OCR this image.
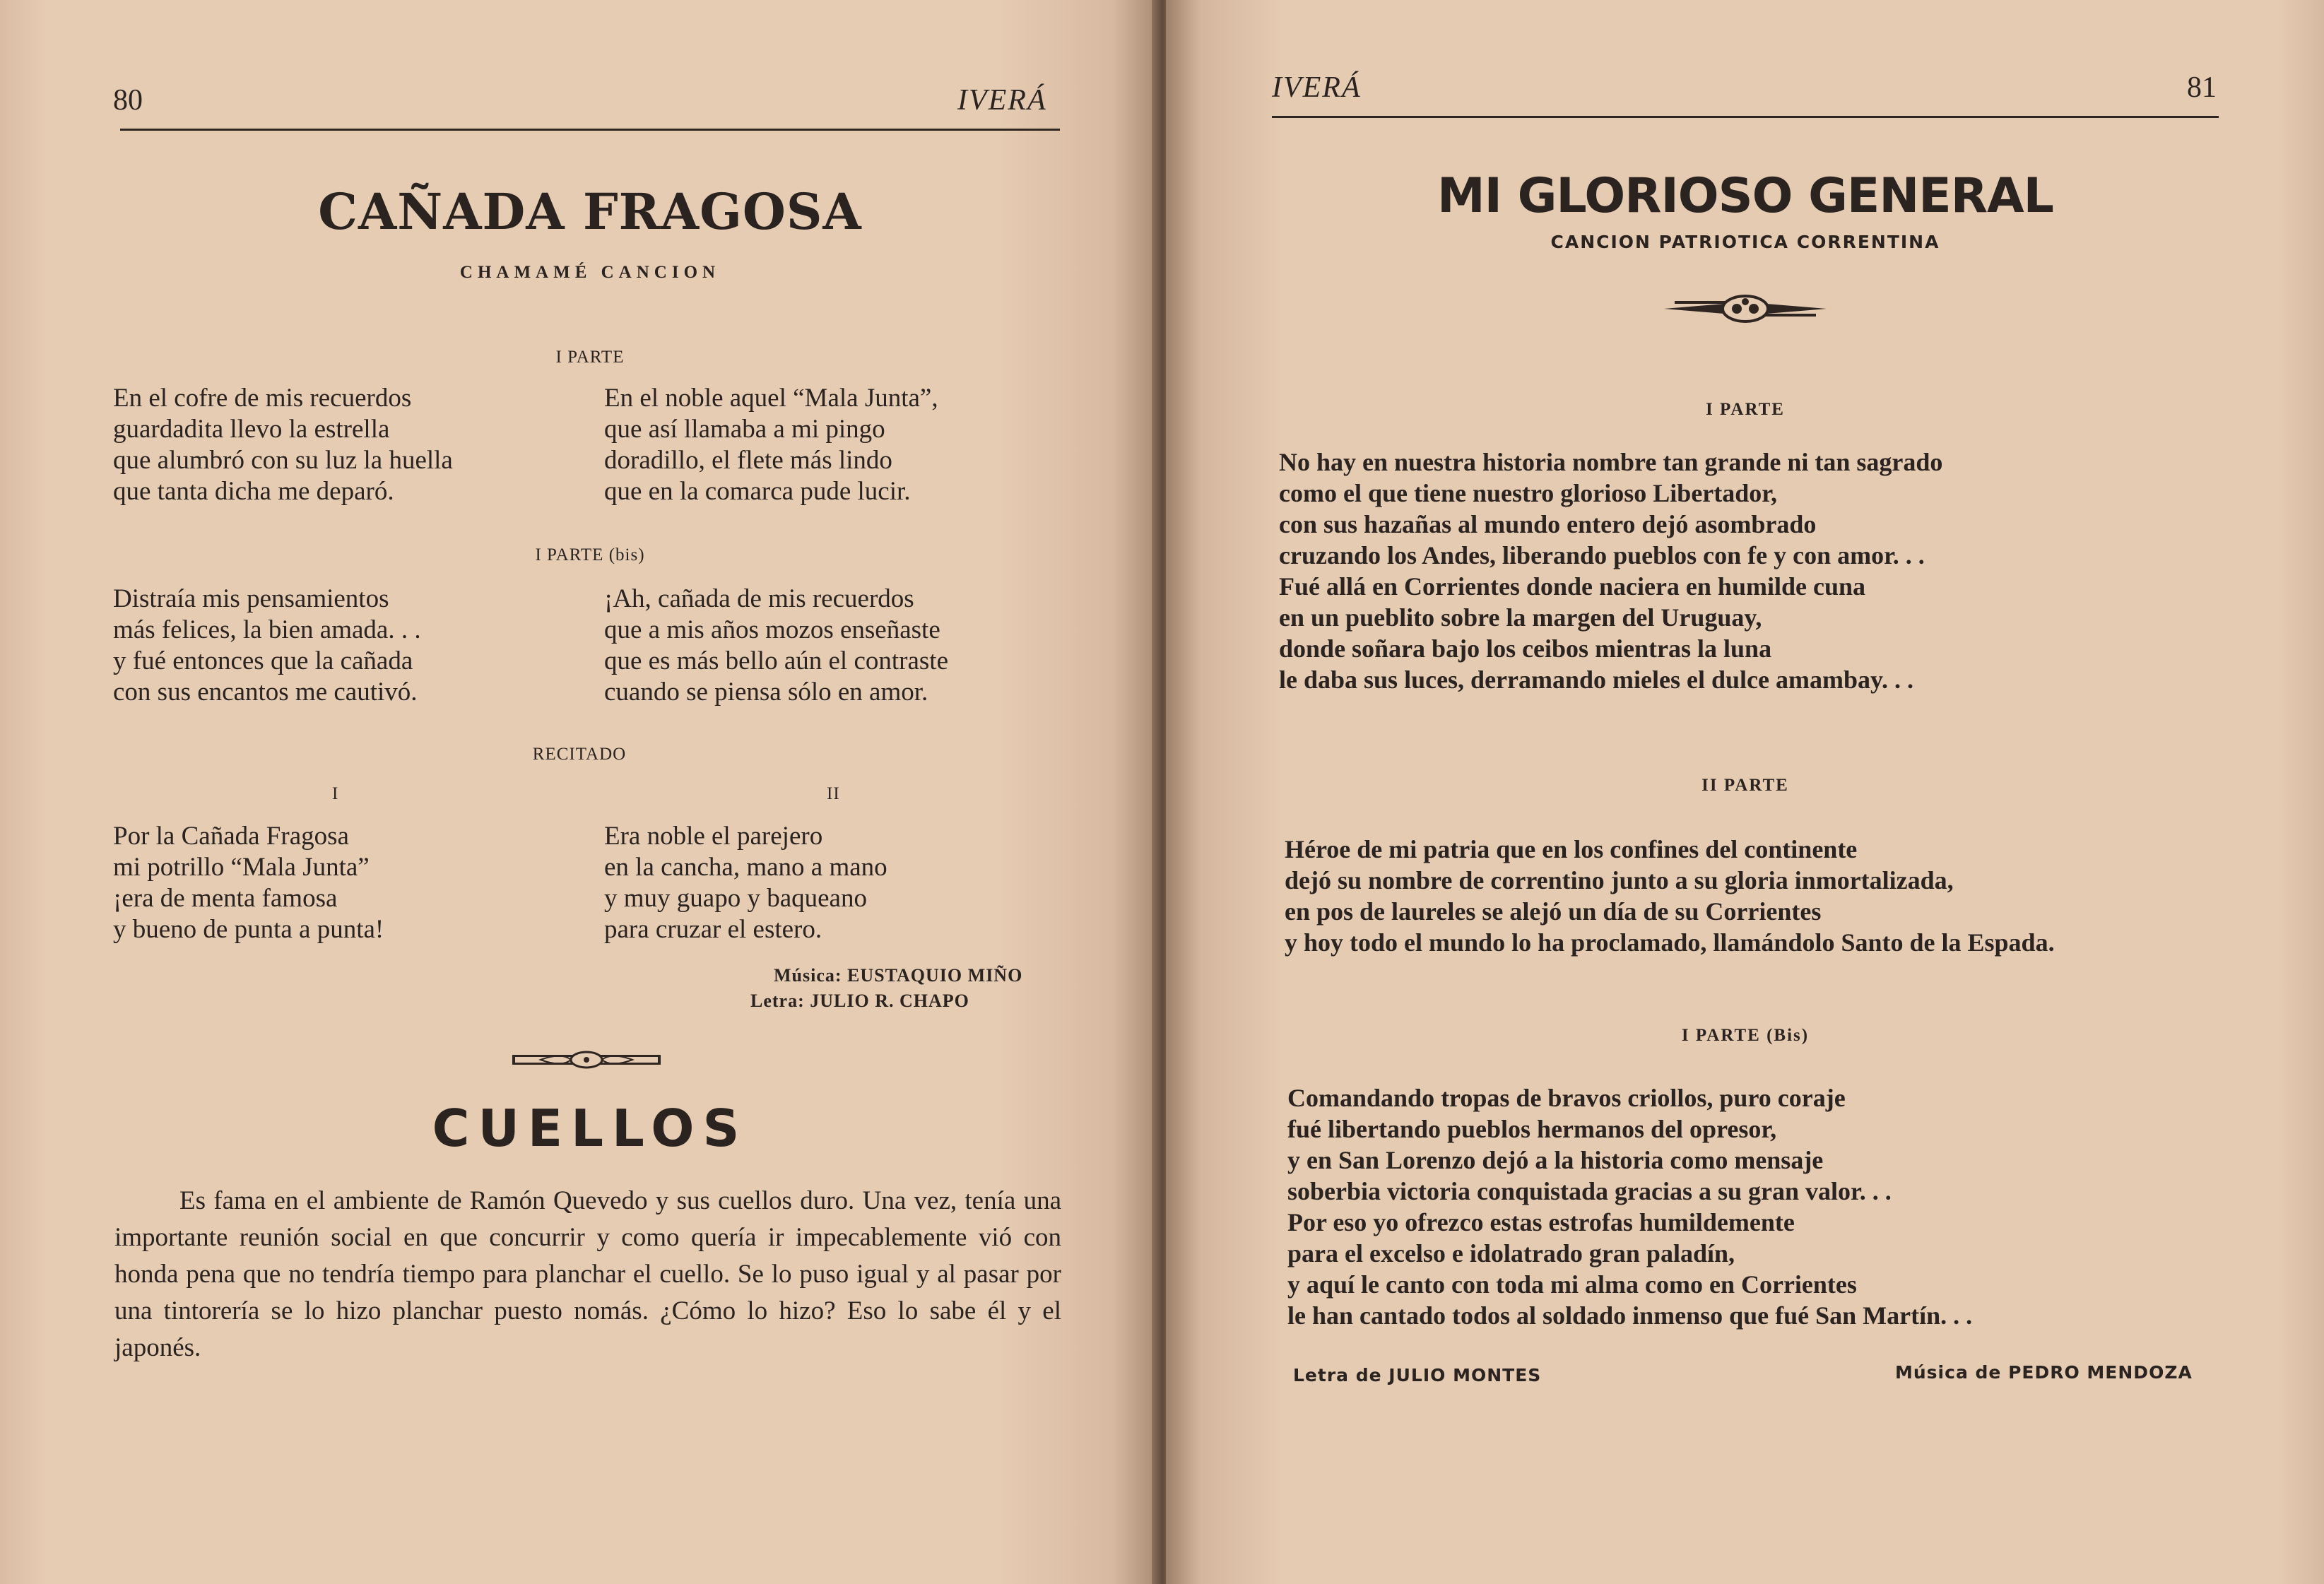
80	IVERÁ
CAÑADA FRAGOSA
CHAMAMÉ CANCION
I PARTE
En el cofre de mis recuerdos
guardadita llevo la estrella
que alumbró con su luz la huella
que tanta dicha me deparó.
En el noble aquel “Mala Junta”,
que así llamaba a mi pingo
doradillo, el flete más lindo
que en la comarca pude lucir.
I PARTE (bis)
Distraía mis pensamientos
más felices, la bien amada. . .
y fué entonces que la cañada
con sus encantos me cautivó.
¡Ah, cañada de mis recuerdos
que a mis años mozos enseñaste
que es más bello aún el contraste
cuando se piensa sólo en amor.
RECITADO
I	II
Por la Cañada Fragosa
mi potrillo “Mala Junta”
¡era de menta famosa
y bueno de punta a punta!
Era noble el parejero
en la cancha, mano a mano
y muy guapo y baqueano
para cruzar el estero.
Música: EUSTAQUIO MIÑO
Letra: JULIO R. CHAPO
CUELLOS

Es fama en el ambiente de Ramón Quevedo y sus cuellos duro. Una vez, tenía una importante reunión social en que concurrir y como quería ir impecablemente vió con honda pena que no tendría tiempo para planchar el cuello. Se lo puso igual y al pasar por una tintorería se lo hizo planchar puesto nomás. ¿Cómo lo hizo? Eso lo sabe él y el japonés.

IVERÁ	81
MI GLORIOSO GENERAL
CANCION PATRIOTICA CORRENTINA
I PARTE
No hay en nuestra historia nombre tan grande ni tan sagrado
como el que tiene nuestro glorioso Libertador,
con sus hazañas al mundo entero dejó asombrado
cruzando los Andes, liberando pueblos con fe y con amor. . .
Fué allá en Corrientes donde naciera en humilde cuna
en un pueblito sobre la margen del Uruguay,
donde soñara bajo los ceibos mientras la luna
le daba sus luces, derramando mieles el dulce amambay. . .
II PARTE
Héroe de mi patria que en los confines del continente
dejó su nombre de correntino junto a su gloria inmortalizada,
en pos de laureles se alejó un día de su Corrientes
y hoy todo el mundo lo ha proclamado, llamándolo Santo de la Espada.
I PARTE (Bis)
Comandando tropas de bravos criollos, puro coraje
fué libertando pueblos hermanos del opresor,
y en San Lorenzo dejó a la historia como mensaje
soberbia victoria conquistada gracias a su gran valor. . .
Por eso yo ofrezco estas estrofas humildemente
para el excelso e idolatrado gran paladín,
y aquí le canto con toda mi alma como en Corrientes
le han cantado todos al soldado inmenso que fué San Martín. . .
Letra de JULIO MONTES	Música de PEDRO MENDOZA
